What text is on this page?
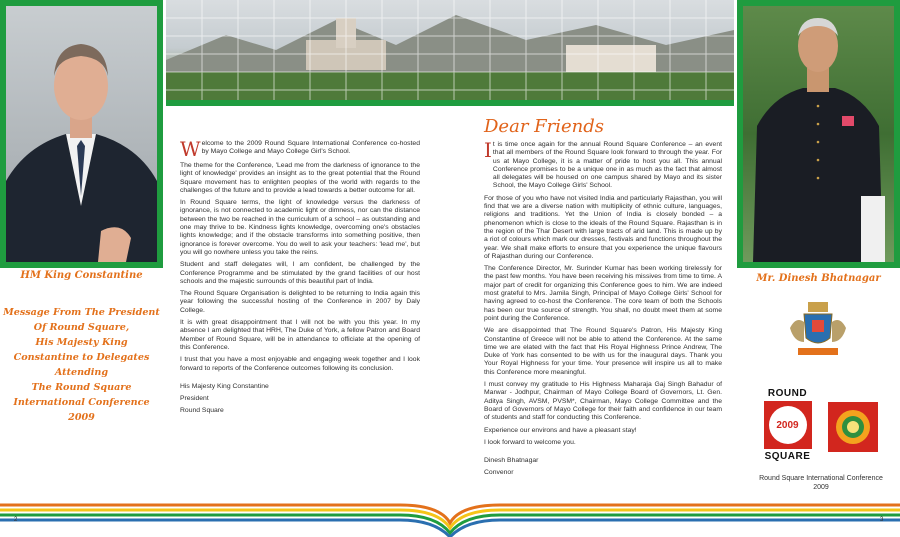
HM King Constantine
Message From The President
Of Round Square,
His Majesty King
Constantine to Delegates
Attending
The Round Square
International Conference
2009

W elcome to the 2009 Round Square International Conference co-hosted by Mayo College and Mayo College Girl's School.

The theme for the Conference, 'Lead me from the darkness of ignorance to the light of knowledge' provides an insight as to the great potential that the Round Square movement has to enlighten peoples of the world with regards to the challenges of the future and to provide a lead towards a better outcome for all.

In Round Square terms, the light of knowledge versus the darkness of ignorance, is not connected to academic light or dimness, nor can the distance between the two be reached in the curriculum of a school – as outstanding and one may thrive to be. Kindness lights knowledge, overcoming one's obstacles lights knowledge; and if the obstacle transforms into something positive, then ignorance is forever overcome. You do well to ask your teachers: 'lead me', but you will go nowhere unless you take the reins.

Student and staff delegates will, I am confident, be challenged by the Conference Programme and be stimulated by the grand facilities of our host schools and the majestic surrounds of this beautiful part of India.

The Round Square Organisation is delighted to be returning to India again this year following the successful hosting of the Conference in 2007 by Daly College.

It is with great disappointment that I will not be with you this year. In my absence I am delighted that HRH, The Duke of York, a fellow Patron and Board Member of Round Square, will be in attendance to officiate at the opening of this Conference.

I trust that you have a most enjoyable and engaging week together and I look forward to reports of the Conference outcomes following its conclusion.

His Majesty King Constantine
President
Round Square
Dear Friends

I t is time once again for the annual Round Square Conference – an event that all members of the Round Square look forward to through the year. For us at Mayo College, it is a matter of pride to host you all. This annual Conference promises to be a unique one in as much as the fact that almost all delegates will be housed on one campus shared by Mayo and its sister School, the Mayo College Girls' School.

For those of you who have not visited India and particularly Rajasthan, you will find that we are a diverse nation with multiplicity of ethnic culture, languages, religions and traditions. Yet the Union of India is closely bonded – a phenomenon which is close to the ideals of the Round Square. Rajasthan is in the region of the Thar Desert with large tracts of arid land. This is made up by a riot of colours which mark our dresses, festivals and functions throughout the year. We shall make efforts to ensure that you experience the unique flavours of Rajasthan during our Conference.

The Conference Director, Mr. Surinder Kumar has been working tirelessly for the past few months. You have been receiving his missives from time to time. A major part of credit for organizing this Conference goes to him. We are indeed most grateful to Mrs. Jamila Singh, Principal of Mayo College Girls' School for having agreed to co-host the Conference. The core team of both the Schools has been our true source of strength. You shall, no doubt meet them at some point during the Conference.

We are disappointed that The Round Square's Patron, His Majesty King Constantine of Greece will not be able to attend the Conference. At the same time we are elated with the fact that His Royal Highness Prince Andrew, The Duke of York has consented to be with us for the inaugural days. Thank you Your Royal Highness for your time. Your presence will inspire us all to make this Conference more meaningful.

I must convey my gratitude to His Highness Maharaja Gaj Singh Bahadur of Marwar - Jodhpur, Chairman of Mayo College Board of Governors, Lt. Gen. Aditya Singh, AVSM, PVSM*, Chairman, Mayo College Committee and the Board of Governors of Mayo College for their faith and confidence in our team of students and staff for conducting this Conference.

Experience our environs and have a pleasant stay!

I look forward to welcome you.

Dinesh Bhatnagar
Convenor
Mr. Dinesh Bhatnagar
ROUND
2009
SQUARE
Round Square International Conference
2009
2	3
